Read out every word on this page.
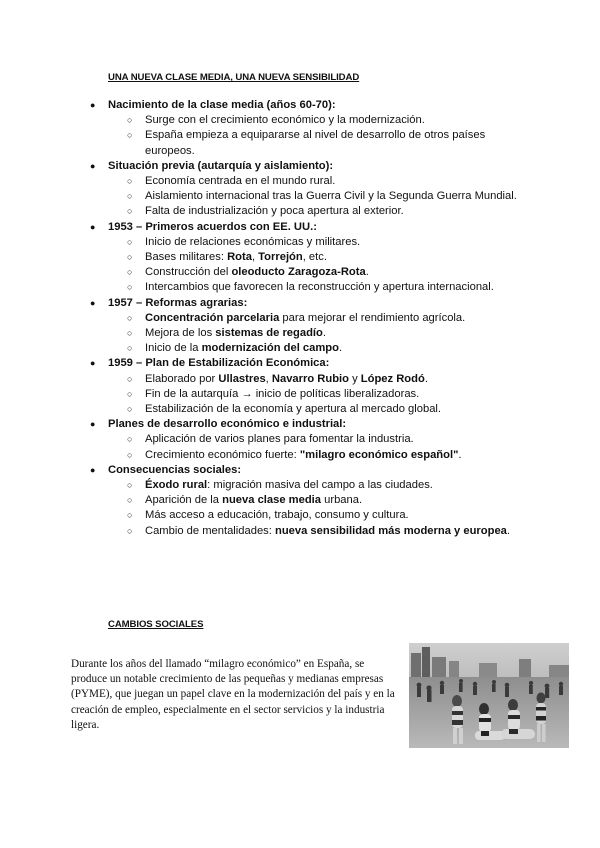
UNA NUEVA CLASE MEDIA, UNA NUEVA SENSIBILIDAD
● Nacimiento de la clase media (años 60-70):
○ Surge con el crecimiento económico y la modernización.
○ España empieza a equipararse al nivel de desarrollo de otros países europeos.
● Situación previa (autarquía y aislamiento):
○ Economía centrada en el mundo rural.
○ Aislamiento internacional tras la Guerra Civil y la Segunda Guerra Mundial.
○ Falta de industrialización y poca apertura al exterior.
● 1953 – Primeros acuerdos con EE. UU.:
○ Inicio de relaciones económicas y militares.
○ Bases militares: Rota, Torrejón, etc.
○ Construcción del oleoducto Zaragoza-Rota.
○ Intercambios que favorecen la reconstrucción y apertura internacional.
● 1957 – Reformas agrarias:
○ Concentración parcelaria para mejorar el rendimiento agrícola.
○ Mejora de los sistemas de regadío.
○ Inicio de la modernización del campo.
● 1959 – Plan de Estabilización Económica:
○ Elaborado por Ullastres, Navarro Rubio y López Rodó.
○ Fin de la autarquía → inicio de políticas liberalizadoras.
○ Estabilización de la economía y apertura al mercado global.
● Planes de desarrollo económico e industrial:
○ Aplicación de varios planes para fomentar la industria.
○ Crecimiento económico fuerte: "milagro económico español".
● Consecuencias sociales:
○ Éxodo rural: migración masiva del campo a las ciudades.
○ Aparición de la nueva clase media urbana.
○ Más acceso a educación, trabajo, consumo y cultura.
○ Cambio de mentalidades: nueva sensibilidad más moderna y europea.
CAMBIOS SOCIALES
Durante los años del llamado “milagro económico” en España, se produce un notable crecimiento de las pequeñas y medianas empresas (PYME), que juegan un papel clave en la modernización del país y en la creación de empleo, especialmente en el sector servicios y la industria ligera.
